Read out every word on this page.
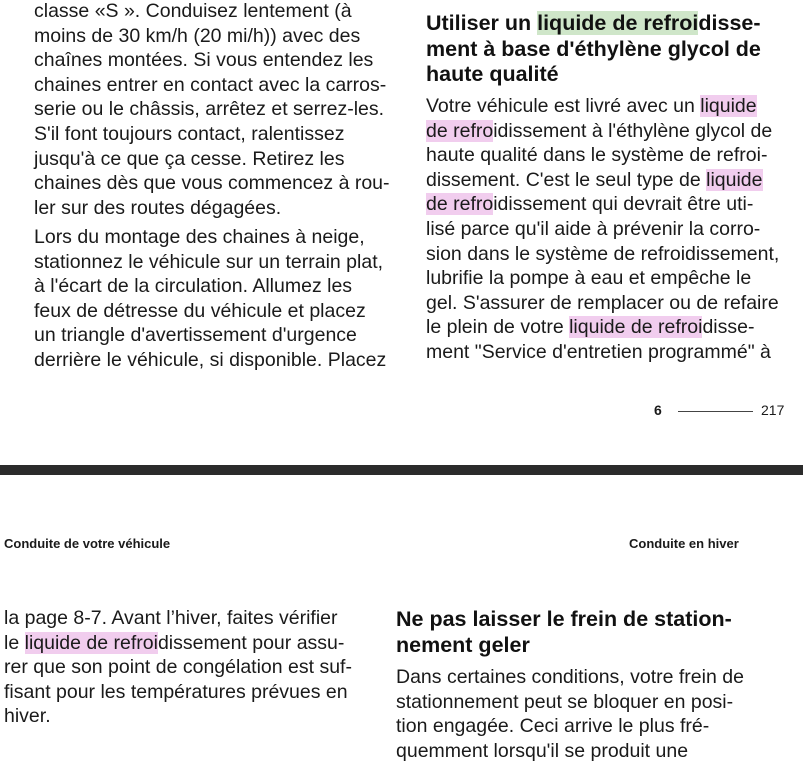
classe «S ». Conduisez lentement (à
moins de 30 km/h (20 mi/h)) avec des
chaînes montées. Si vous entendez les
chaines entrer en contact avec la carros-
serie ou le châssis, arrêtez et serrez-les.
S'il font toujours contact, ralentissez
jusqu'à ce que ça cesse. Retirez les
chaines dès que vous commencez à rou-
ler sur des routes dégagées.
Lors du montage des chaines à neige,
stationnez le véhicule sur un terrain plat,
à l'écart de la circulation. Allumez les
feux de détresse du véhicule et placez
un triangle d'avertissement d'urgence
derrière le véhicule, si disponible. Placez
Utiliser un liquide de refroidisse-
ment à base d'éthylène glycol de
haute qualité
Votre véhicule est livré avec un liquide
de refroidissement à l'éthylène glycol de
haute qualité dans le système de refroi-
dissement. C'est le seul type de liquide
de refroidissement qui devrait être uti-
lisé parce qu'il aide à prévenir la corro-
sion dans le système de refroidissement,
lubrifie la pompe à eau et empêche le
gel. S'assurer de remplacer ou de refaire
le plein de votre liquide de refroidisse-
ment "Service d'entretien programmé" à
6	217
Conduite de votre véhicule	Conduite en hiver
la page 8-7. Avant l’hiver, faites vérifier
le liquide de refroidissement pour assu-
rer que son point de congélation est suf-
fisant pour les températures prévues en
hiver.
Ne pas laisser le frein de station-
nement geler
Dans certaines conditions, votre frein de
stationnement peut se bloquer en posi-
tion engagée. Ceci arrive le plus fré-
quemment lorsqu'il se produit une
